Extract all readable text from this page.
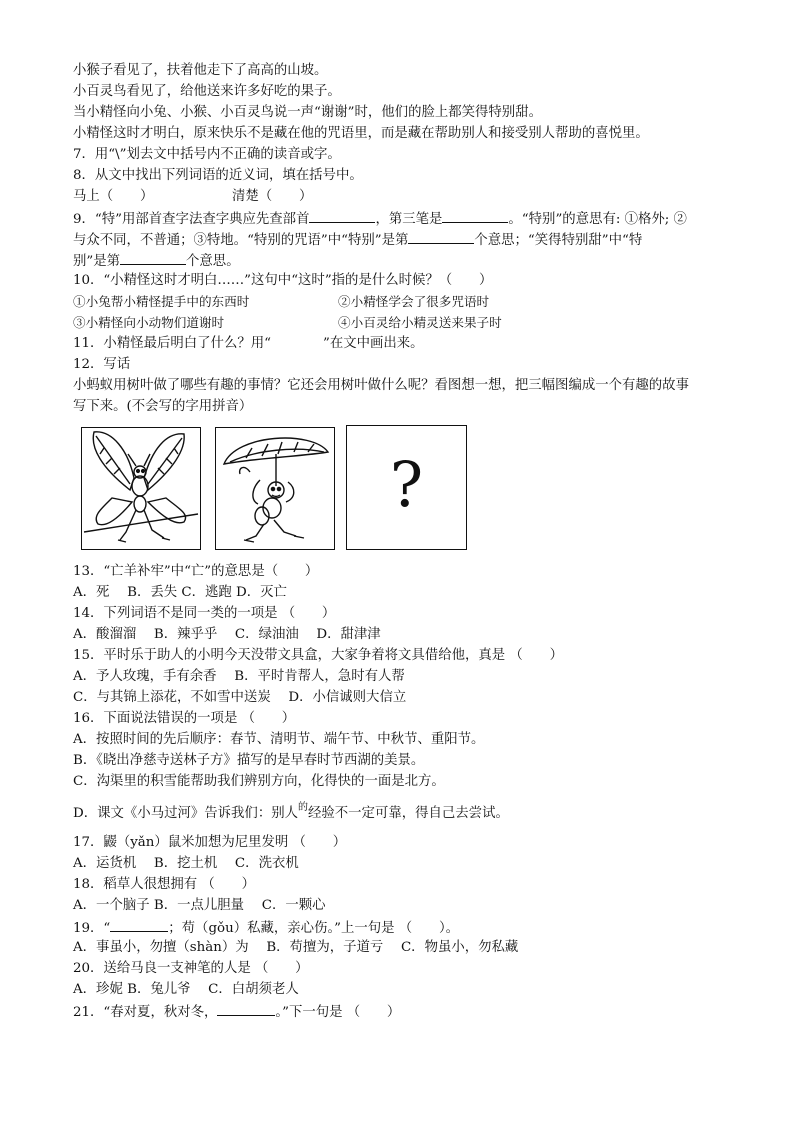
小猴子看见了，扶着他走下了高高的山坡。
小百灵鸟看见了，给他送来许多好吃的果子。
当小精怪向小兔、小猴、小百灵鸟说一声“谢谢”时，他们的脸上都笑得特别甜。
小精怪这时才明白，原来快乐不是藏在他的咒语里，而是藏在帮助别人和接受别人帮助的喜悦里。
7．用“\”划去文中括号内不正确的读音或字。
8．从文中找出下列词语的近义词，填在括号中。
马上（　　）	清楚（　　）
9．“特”用部首查字法查字典应先查部首	，第三笔是	。“特别”的意思有: ①格外; ②
与众不同，不普通；③特地。“特别的咒语”中“特别”是第	个意思；“笑得特别甜”中“特
别”是第	个意思。
10．“小精怪这时才明白……”这句中“这时”指的是什么时候？（　　）
①小兔帮小精怪提手中的东西时	②小精怪学会了很多咒语时
③小精怪向小动物们道谢时	④小百灵给小精灵送来果子时
11．小精怪最后明白了什么？用“	”在文中画出来。
12．写话
小蚂蚁用树叶做了哪些有趣的事情？它还会用树叶做什么呢？看图想一想，把三幅图编成一个有趣的故事
写下来。(不会写的字用拼音）
?
13．“亡羊补牢”中“亡”的意思是（　　）
A．死　 B．丢失 C．逃跑 D．灭亡
14．下列词语不是同一类的一项是 （　　）
A．酸溜溜　 B．辣乎乎　 C．绿油油　 D．甜津津
15．平时乐于助人的小明今天没带文具盒，大家争着将文具借给他，真是 （　　）
A．予人玫瑰，手有余香　 B．平时肯帮人，急时有人帮
C．与其锦上添花，不如雪中送炭　 D．小信诚则大信立
16．下面说法错误的一项是 （　　）
A．按照时间的先后顺序：春节、清明节、端午节、中秋节、重阳节。
B．《晓出净慈寺送林子方》描写的是早春时节西湖的美景。
C．沟渠里的积雪能帮助我们辨别方向，化得快的一面是北方。
D．课文《小马过河》告诉我们：别人$^的$经验不一定可靠，得自己去尝试。
17．鼹（yǎn）鼠米加想为尼里发明 （　　）
A．运货机　 B．挖土机　 C．洗衣机
18．稻草人很想拥有 （　　）
A．一个脑子 B．一点儿胆量　 C．一颗心
19．“	；苟（gǒu）私藏，亲心伤。”上一句是 （　　）。
A．事虽小，勿擅（shàn）为　 B．苟擅为，子道亏　 C．物虽小，勿私藏
20．送给马良一支神笔的人是 （　　）
A．珍妮 B．兔儿爷　 C．白胡须老人
21．“春对夏，秋对冬，	。”下一句是 （　　）
